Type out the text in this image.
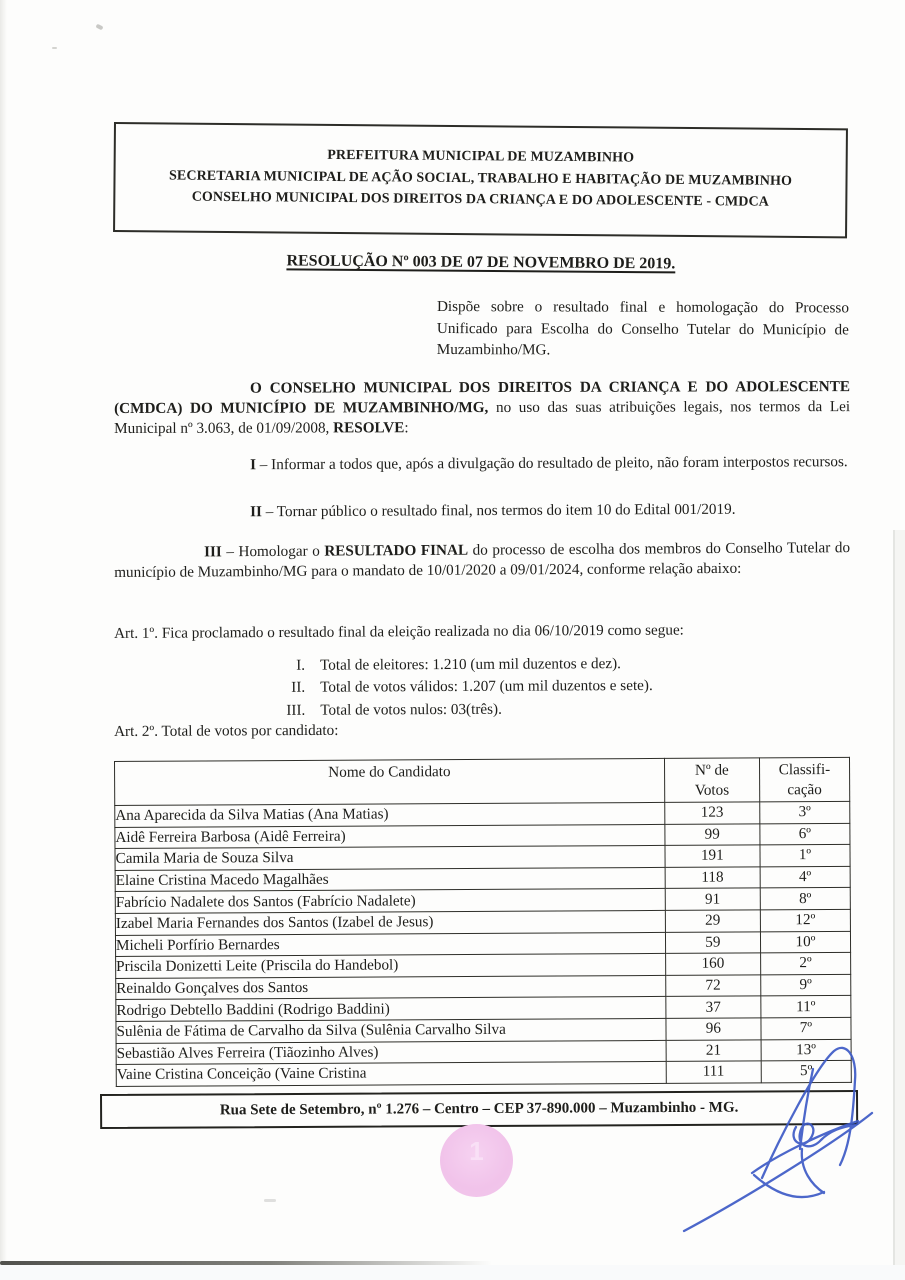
PREFEITURA MUNICIPAL DE MUZAMBINHO
SECRETARIA MUNICIPAL DE AÇÃO SOCIAL, TRABALHO E HABITAÇÃO DE MUZAMBINHO
CONSELHO MUNICIPAL DOS DIREITOS DA CRIANÇA E DO ADOLESCENTE - CMDCA
RESOLUÇÃO Nº 003 DE 07 DE NOVEMBRO DE 2019.
Dispõe sobre o resultado final e homologação do Processo Unificado para Escolha do Conselho Tutelar do Município de Muzambinho/MG.
O CONSELHO MUNICIPAL DOS DIREITOS DA CRIANÇA E DO ADOLESCENTE (CMDCA) DO MUNICÍPIO DE MUZAMBINHO/MG, no uso das suas atribuições legais, nos termos da Lei Municipal nº 3.063, de 01/09/2008, RESOLVE:
I – Informar a todos que, após a divulgação do resultado de pleito, não foram interpostos recursos.
II – Tornar público o resultado final, nos termos do item 10 do Edital 001/2019.
III – Homologar o RESULTADO FINAL do processo de escolha dos membros do Conselho Tutelar do município de Muzambinho/MG para o mandato de 10/01/2020 a 09/01/2024, conforme relação abaixo:
Art. 1º. Fica proclamado o resultado final da eleição realizada no dia 06/10/2019 como segue:
I. Total de eleitores: 1.210 (um mil duzentos e dez).
II. Total de votos válidos: 1.207 (um mil duzentos e sete).
III. Total de votos nulos: 03(três).
Art. 2º. Total de votos por candidato:
Nome do Candidato	Nº de
Votos

Classifi-
cação

Ana Aparecida da Silva Matias (Ana Matias)	123	3º
Aidê Ferreira Barbosa (Aidê Ferreira)	99	6º
Camila Maria de Souza Silva	191	1º
Elaine Cristina Macedo Magalhães	118	4º
Fabrício Nadalete dos Santos (Fabrício Nadalete)	91	8º
Izabel Maria Fernandes dos Santos (Izabel de Jesus)	29	12º
Micheli Porfírio Bernardes	59	10º
Priscila Donizetti Leite (Priscila do Handebol)	160	2º
Reinaldo Gonçalves dos Santos	72	9º
Rodrigo Debtello Baddini (Rodrigo Baddini)	37	11º
Sulênia de Fátima de Carvalho da Silva (Sulênia Carvalho Silva	96	7º
Sebastião Alves Ferreira (Tiãozinho Alves)	21	13º
Vaine Cristina Conceição (Vaine Cristina	111	5º
Rua Sete de Setembro, nº 1.276 – Centro – CEP 37-890.000 – Muzambinho - MG.
1
